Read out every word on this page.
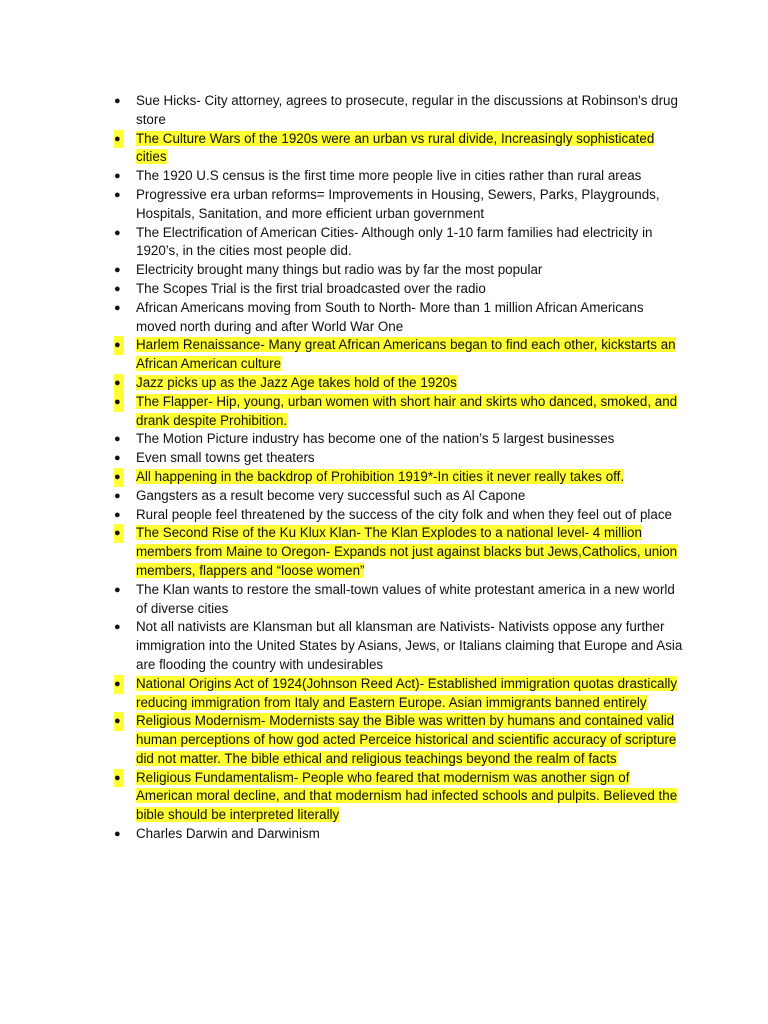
●	Sue Hicks- City attorney, agrees to prosecute, regular in the discussions at Robinson's drug store
● The Culture Wars of the 1920s were an urban vs rural divide, Increasingly sophisticated cities
●	The 1920 U.S census is the first time more people live in cities rather than rural areas
●	Progressive era urban reforms= Improvements in Housing, Sewers, Parks, Playgrounds, Hospitals, Sanitation, and more efficient urban government
●	The Electrification of American Cities- Although only 1-10 farm families had electricity in 1920’s, in the cities most people did.
●	Electricity brought many things but radio was by far the most popular
●	The Scopes Trial is the first trial broadcasted over the radio
●	African Americans moving from South to North- More than 1 million African Americans moved north during and after World War One
● Harlem Renaissance- Many great African Americans began to find each other, kickstarts an African American culture
● Jazz picks up as the Jazz Age takes hold of the 1920s
● The Flapper- Hip, young, urban women with short hair and skirts who danced, smoked, and drank despite Prohibition.
●	The Motion Picture industry has become one of the nation’s 5 largest businesses
●	Even small towns get theaters
● All happening in the backdrop of Prohibition 1919*-In cities it never really takes off.
●	Gangsters as a result become very successful such as Al Capone
●	Rural people feel threatened by the success of the city folk and when they feel out of place
● The Second Rise of the Ku Klux Klan- The Klan Explodes to a national level- 4 million members from Maine to Oregon- Expands not just against blacks but Jews,Catholics, union members, flappers and “loose women”
●	The Klan wants to restore the small-town values of white protestant america in a new world of diverse cities
●	Not all nativists are Klansman but all klansman are Nativists- Nativists oppose any further immigration into the United States by Asians, Jews, or Italians claiming that Europe and Asia are flooding the country with undesirables
● National Origins Act of 1924(Johnson Reed Act)- Established immigration quotas drastically reducing immigration from Italy and Eastern Europe. Asian immigrants banned entirely
● Religious Modernism- Modernists say the Bible was written by humans and contained valid human perceptions of how god acted Perceice historical and scientific accuracy of scripture did not matter. The bible ethical and religious teachings beyond the realm of facts
● Religious Fundamentalism- People who feared that modernism was another sign of American moral decline, and that modernism had infected schools and pulpits. Believed the bible should be interpreted literally
●	Charles Darwin and Darwinism
